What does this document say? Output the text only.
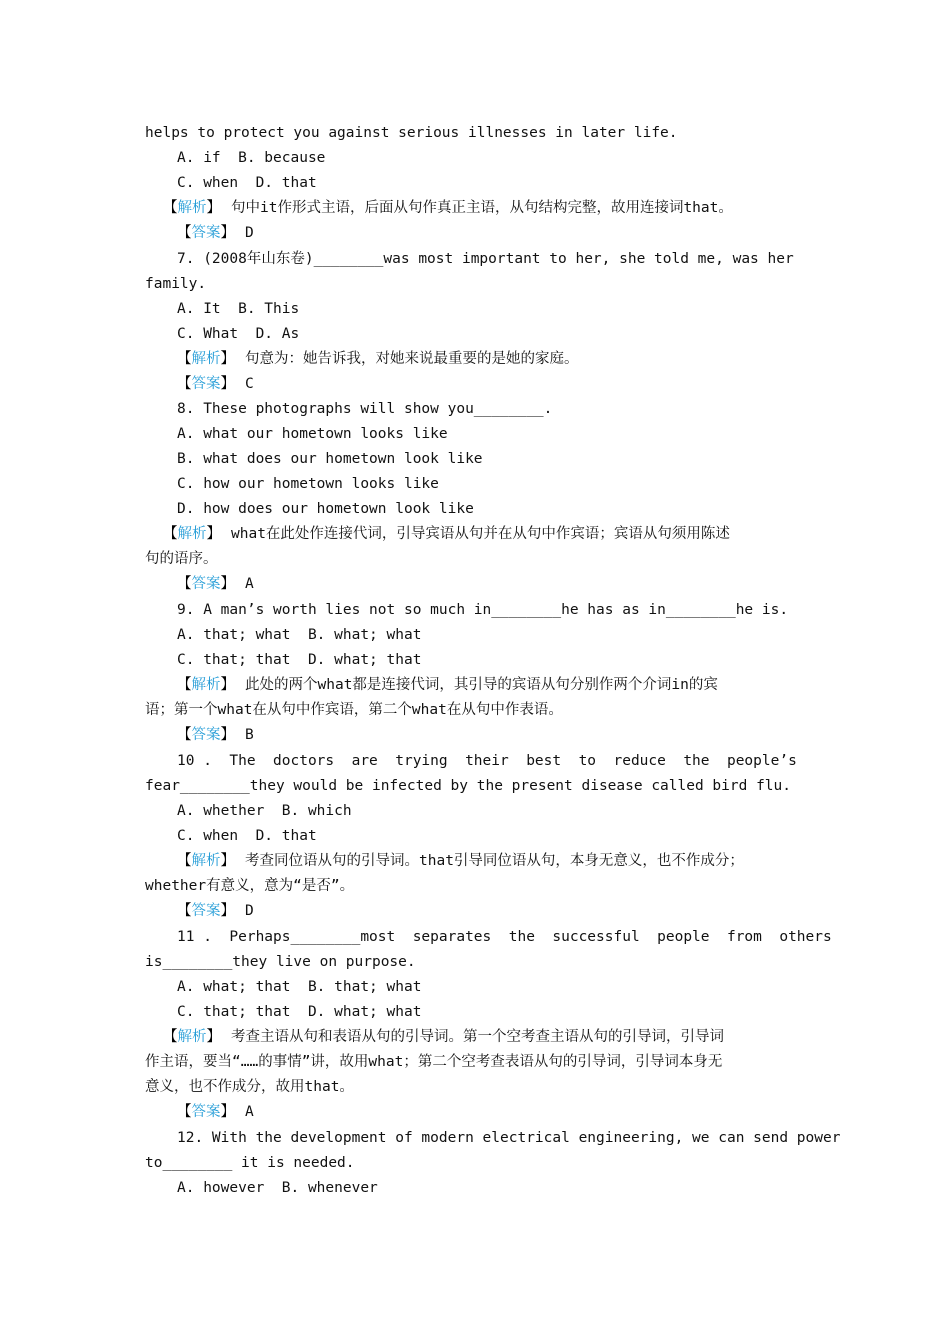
helps to protect you against serious illnesses in later life.
A. if  B. because
C. when  D. that
【解析】 句中it作形式主语，后面从句作真正主语，从句结构完整，故用连接词that。
【答案】 D
7. (2008年山东卷)________was most important to her, she told me, was her
family.
A. It  B. This
C. What  D. As
【解析】 句意为：她告诉我，对她来说最重要的是她的家庭。
【答案】 C
8. These photographs will show you________.
A. what our hometown looks like
B. what does our hometown look like
C. how our hometown looks like
D. how does our hometown look like
【解析】 what在此处作连接代词，引导宾语从句并在从句中作宾语；宾语从句须用陈述
句的语序。
【答案】 A
9. A man’s worth lies not so much in________he has as in________he is.
A. that; what  B. what; what
C. that; that  D. what; that
【解析】 此处的两个what都是连接代词，其引导的宾语从句分别作两个介词in的宾
语；第一个what在从句中作宾语，第二个what在从句中作表语。
【答案】 B
10 .  The  doctors  are  trying  their  best  to  reduce  the  people’s
fear________they would be infected by the present disease called bird flu.
A. whether  B. which
C. when  D. that
【解析】 考查同位语从句的引导词。that引导同位语从句，本身无意义，也不作成分；
whether有意义，意为“是否”。
【答案】 D
11 .  Perhaps________most  separates  the  successful  people  from  others
is________they live on purpose.
A. what; that  B. that; what
C. that; that  D. what; what
【解析】 考查主语从句和表语从句的引导词。第一个空考查主语从句的引导词，引导词
作主语，要当“……的事情”讲，故用what；第二个空考查表语从句的引导词，引导词本身无
意义，也不作成分，故用that。
【答案】 A
12. With the development of modern electrical engineering, we can send power
to________ it is needed.
A. however  B. whenever
